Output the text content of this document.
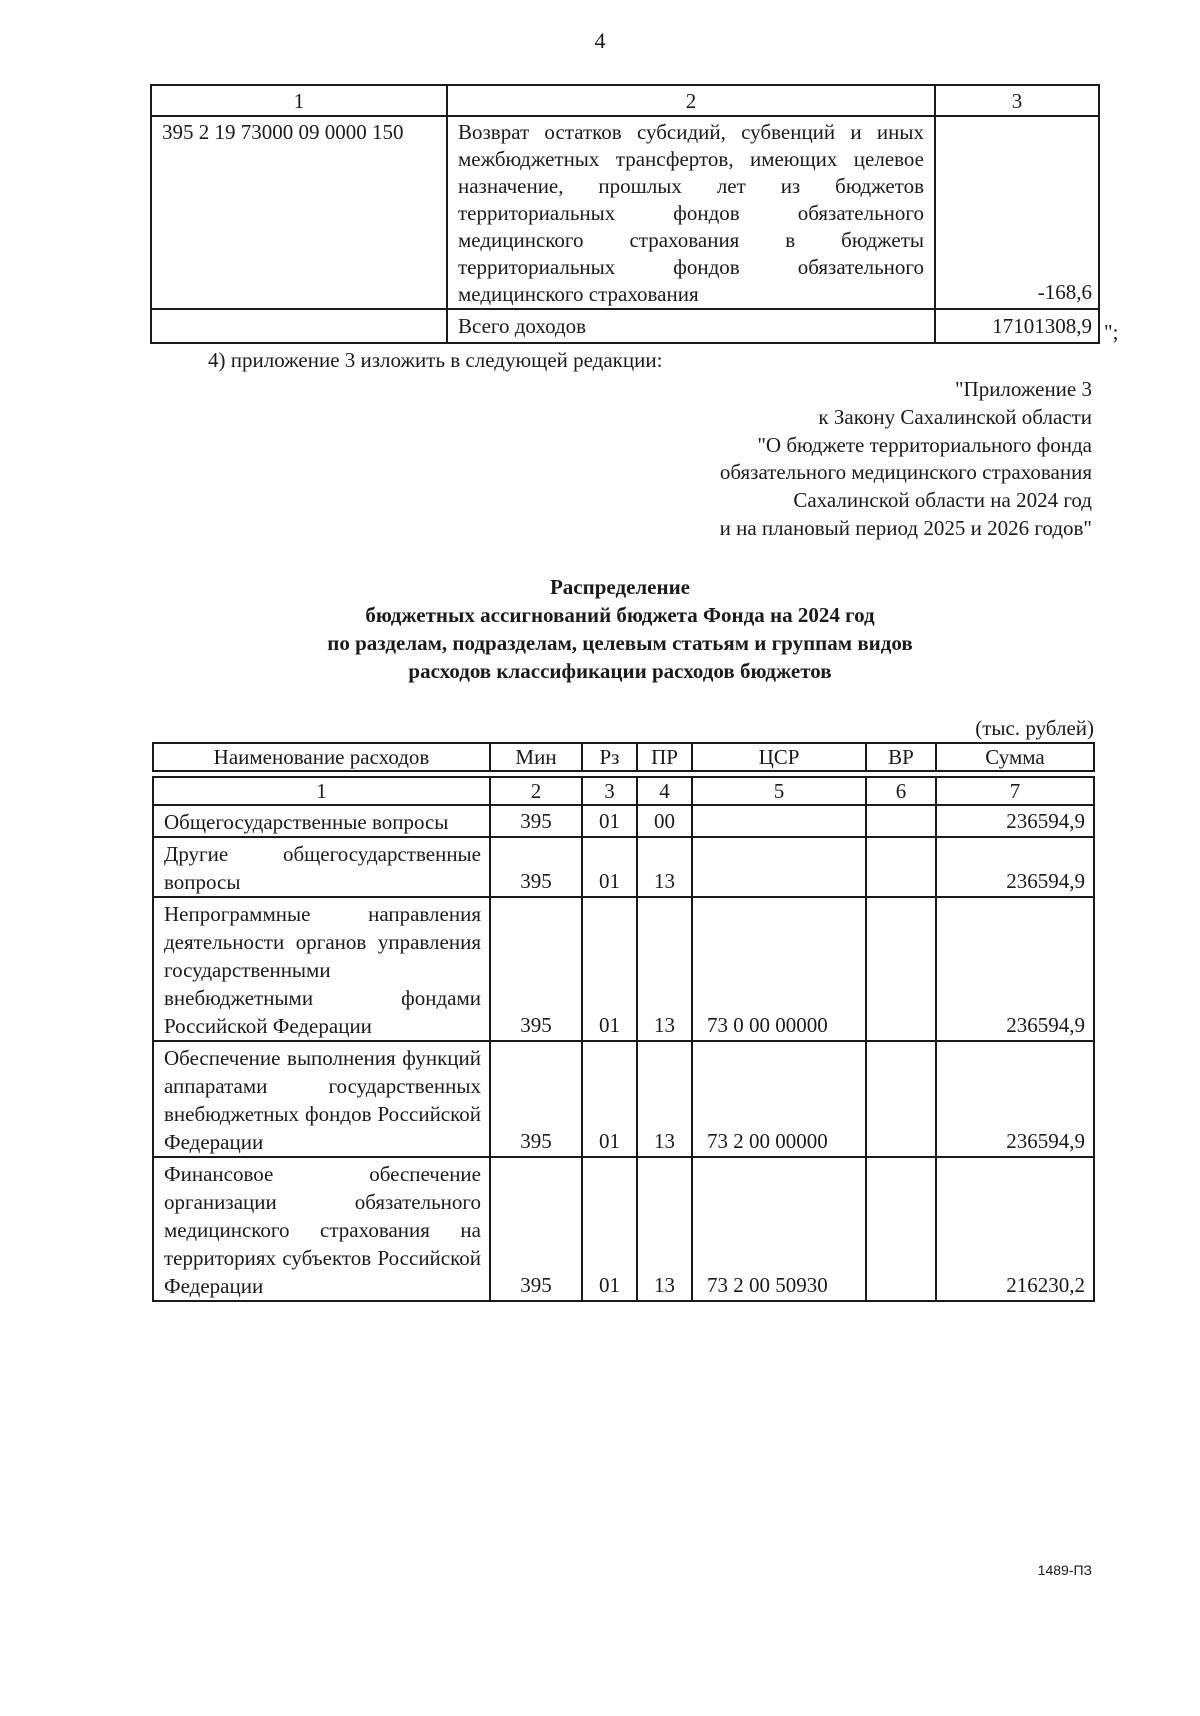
4
1	2	3
395 2 19 73000 09 0000 150	Возврат остатков субсидий, субвенций и иных межбюджетных трансфертов, имеющих целевое назначение, прошлых лет из бюджетов территориальных фондов обязательного медицинского страхования в бюджеты территориальных фондов обязательного медицинского страхования	-168,6
	Всего доходов	17101308,9 ";
4) приложение 3 изложить в следующей редакции:
"Приложение 3
к Закону Сахалинской области
"О бюджете территориального фонда
обязательного медицинского страхования
Сахалинской области на 2024 год
и на плановый период 2025 и 2026 годов"
Распределение
бюджетных ассигнований бюджета Фонда на 2024 год
по разделам, подразделам, целевым статьям и группам видов
расходов классификации расходов бюджетов
(тыс. рублей)
Наименование расходов	Мин	Рз	ПР	ЦСР	ВР	Сумма

1	2	3	4	5	6	7
Общегосударственные вопросы	395	01	00			236594,9
Другие общегосударственные вопросы	395	01	13			236594,9
Непрограммные направления деятельности органов управления государственными внебюджетными фондами Российской Федерации	395	01	13	73 0 00 00000		236594,9
Обеспечение выполнения функций аппаратами государственных внебюджетных фондов Российской Федерации	395	01	13	73 2 00 00000		236594,9
Финансовое обеспечение организации обязательного медицинского страхования на территориях субъектов Российской Федерации	395	01	13	73 2 00 50930		216230,2
1489-ПЗ
